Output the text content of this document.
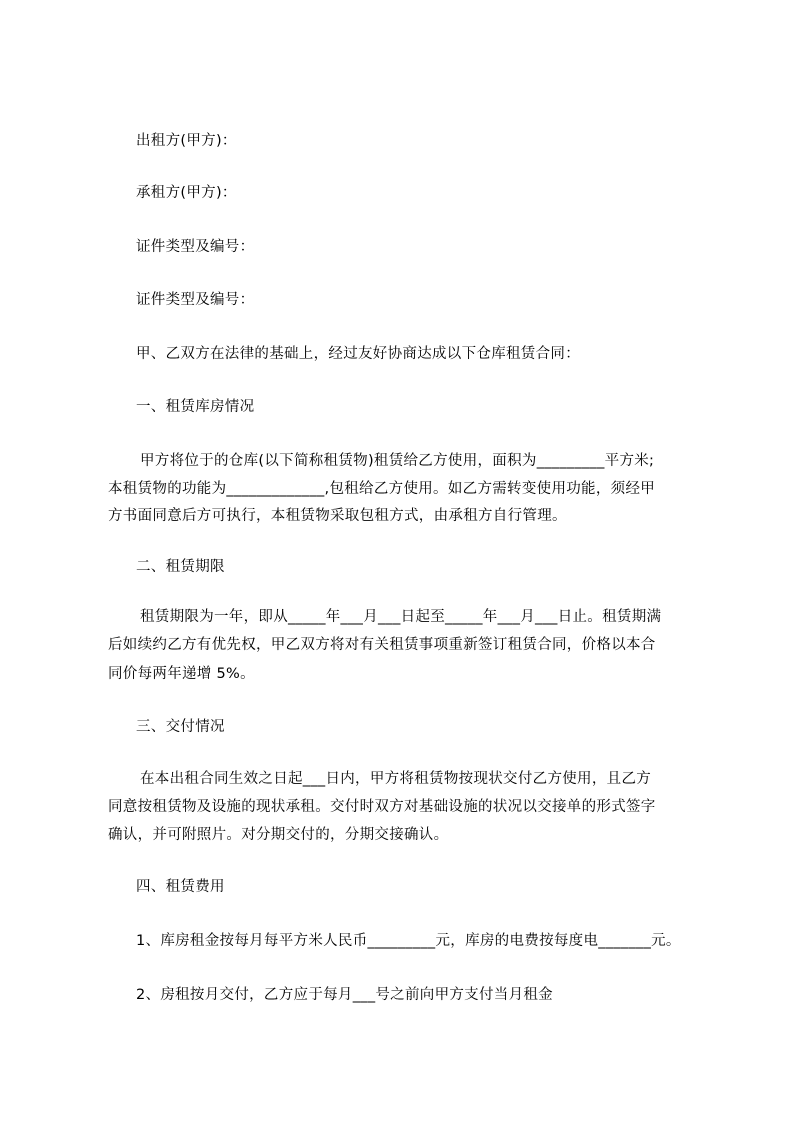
出租方(甲方)：
承租方(甲方)：
证件类型及编号：
证件类型及编号：
甲、乙双方在法律的基础上，经过友好协商达成以下仓库租赁合同：
一、租赁库房情况
甲方将位于的仓库(以下简称租赁物)租赁给乙方使用，面积为_________平方米;
本租赁物的功能为_____________,包租给乙方使用。如乙方需转变使用功能，须经甲
方书面同意后方可执行，本租赁物采取包租方式，由承租方自行管理。
二、租赁期限
租赁期限为一年，即从_____年___月___日起至_____年___月___日止。租赁期满
后如续约乙方有优先权，甲乙双方将对有关租赁事项重新签订租赁合同，价格以本合
同价每两年递增 5%。
三、交付情况
在本出租合同生效之日起___日内，甲方将租赁物按现状交付乙方使用，且乙方
同意按租赁物及设施的现状承租。交付时双方对基础设施的状况以交接单的形式签字
确认，并可附照片。对分期交付的，分期交接确认。
四、租赁费用
1、库房租金按每月每平方米人民币_________元，库房的电费按每度电_______元。
2、房租按月交付，乙方应于每月___号之前向甲方支付当月租金
